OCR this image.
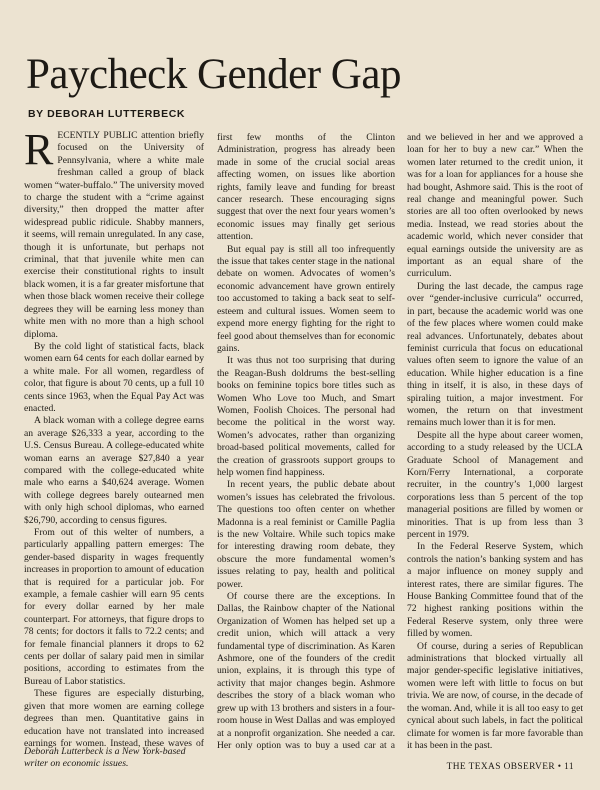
Paycheck Gender Gap
BY DEBORAH LUTTERBECK

RECENTLY PUBLIC attention briefly focused on the University of Pennsylvania, where a white male freshman called a group of black women “water-buffalo.” The university moved to charge the student with a “crime against diversity,” then dropped the matter after widespread public ridicule. Shabby manners, it seems, will remain unregulated. In any case, though it is unfortunate, but perhaps not criminal, that that juvenile white men can exercise their constitutional rights to insult black women, it is a far greater misfortune that when those black women receive their college degrees they will be earning less money than white men with no more than a high school diploma.

By the cold light of statistical facts, black women earn 64 cents for each dollar earned by a white male. For all women, regardless of color, that figure is about 70 cents, up a full 10 cents since 1963, when the Equal Pay Act was enacted.

A black woman with a college degree earns an average $26,333 a year, according to the U.S. Census Bureau. A college-educated white woman earns an average $27,840 a year compared with the college-educated white male who earns a $40,624 average. Women with college degrees barely outearned men with only high school diplomas, who earned $26,790, according to census figures.

From out of this welter of numbers, a particularly appalling pattern emerges: The gender-based disparity in wages frequently increases in proportion to amount of education that is required for a particular job. For example, a female cashier will earn 95 cents for every dollar earned by her male counterpart. For attorneys, that figure drops to 78 cents; for doctors it falls to 72.2 cents; and for female financial planners it drops to 62 cents per dollar of salary paid men in similar positions, according to estimates from the Bureau of Labor statistics.

These figures are especially disturbing, given that more women are earning college degrees than men. Quantitative gains in education have not translated into increased earnings for women. Instead, these waves of

first few months of the Clinton Administration, progress has already been made in some of the crucial social areas affecting women, on issues like abortion rights, family leave and funding for breast cancer research. These encouraging signs suggest that over the next four years women’s economic issues may finally get serious attention.

But equal pay is still all too infrequently the issue that takes center stage in the national debate on women. Advocates of women’s economic advancement have grown entirely too accustomed to taking a back seat to self-esteem and cultural issues. Women seem to expend more energy fighting for the right to feel good about themselves than for economic gains.

It was thus not too surprising that during the Reagan-Bush doldrums the best-selling books on feminine topics bore titles such as Women Who Love too Much, and Smart Women, Foolish Choices. The personal had become the political in the worst way. Women’s advocates, rather than organizing broad-based political movements, called for the creation of grassroots support groups to help women find happiness.

In recent years, the public debate about women’s issues has celebrated the frivolous. The questions too often center on whether Madonna is a real feminist or Camille Paglia is the new Voltaire. While such topics make for interesting drawing room debate, they obscure the more fundamental women’s issues relating to pay, health and political power.

Of course there are the exceptions. In Dallas, the Rainbow chapter of the National Organization of Women has helped set up a credit union, which will attack a very fundamental type of discrimination. As Karen Ashmore, one of the founders of the credit union, explains, it is through this type of activity that major changes begin. Ashmore describes the story of a black woman who grew up with 13 brothers and sisters in a four-room house in West Dallas and was employed at a nonprofit organization. She needed a car. Her only option was to buy a used car at a

and we believed in her and we approved a loan for her to buy a new car.” When the women later returned to the credit union, it was for a loan for appliances for a house she had bought, Ashmore said. This is the root of real change and meaningful power. Such stories are all too often overlooked by news media. Instead, we read stories about the academic world, which never consider that equal earnings outside the university are as important as an equal share of the curriculum.

During the last decade, the campus rage over “gender-inclusive curricula” occurred, in part, because the academic world was one of the few places where women could make real advances. Unfortunately, debates about feminist curricula that focus on educational values often seem to ignore the value of an education. While higher education is a fine thing in itself, it is also, in these days of spiraling tuition, a major investment. For women, the return on that investment remains much lower than it is for men.

Despite all the hype about career women, according to a study released by the UCLA Graduate School of Management and Korn/Ferry International, a corporate recruiter, in the country’s 1,000 largest corporations less than 5 percent of the top managerial positions are filled by women or minorities. That is up from less than 3 percent in 1979.

In the Federal Reserve System, which controls the nation’s banking system and has a major influence on money supply and interest rates, there are similar figures. The House Banking Committee found that of the 72 highest ranking positions within the Federal Reserve system, only three were filled by women.

Of course, during a series of Republican administrations that blocked virtually all major gender-specific legislative initiatives, women were left with little to focus on but trivia. We are now, of course, in the decade of the woman. And, while it is all too easy to get cynical about such labels, in fact the political climate for women is far more favorable than it has been in the past.

Deborah Lutterbeck is a New York-based writer on economic issues.	THE TEXAS OBSERVER • 11
